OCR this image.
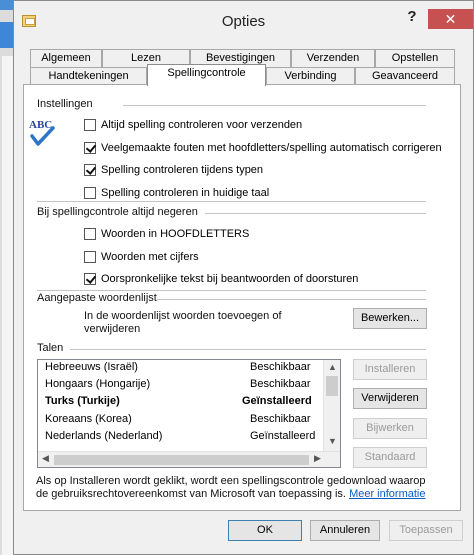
Opties	?	✕
Algemeen	Lezen	Bevestigingen	Verzenden	Opstellen
Handtekeningen	Spellingcontrole	Verbinding	Geavanceerd
Instellingen
ABC	Altijd spelling controleren voor verzenden
Veelgemaakte fouten met hoofdletters/spelling automatisch corrigeren
Spelling controleren tijdens typen
Spelling controleren in huidige taal
Bij spellingcontrole altijd negeren
Woorden in HOOFDLETTERS
Woorden met cijfers
Oorspronkelijke tekst bij beantwoorden of doorsturen
Aangepaste woordenlijst
In de woordenlijst woorden toevoegen of
verwijderen
Bewerken...
Talen
Hebreeuws (Israël)	Beschikbaar
Hongaars (Hongarije)	Beschikbaar
Turks (Turkije)	Geïnstalleerd
Koreaans (Korea)	Beschikbaar
Nederlands (Nederland)	Geïnstalleerd
▲
▼
◀	▶
Installeren
Verwijderen
Bijwerken
Standaard
Als op Installeren wordt geklikt, wordt een spellingscontrole gedownload waarop de gebruiksrechtovereenkomst van Microsoft van toepassing is. Meer informatie
OK	Annuleren	Toepassen
